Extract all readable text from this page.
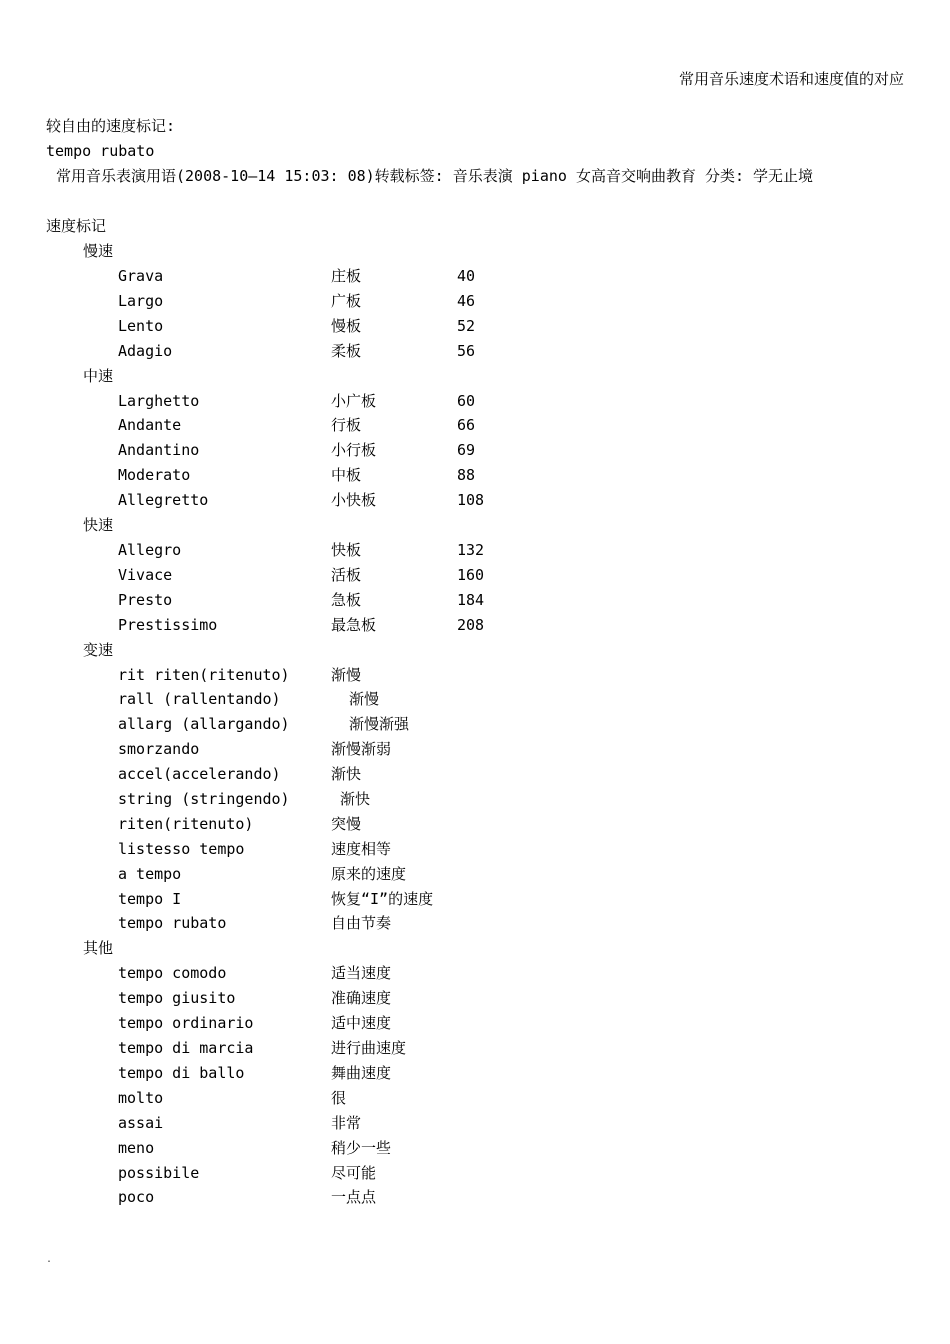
常用音乐速度术语和速度值的对应
较自由的速度标记:
tempo rubato
常用音乐表演用语(2008-10—14 15:03: 08)转载标签: 音乐表演 piano 女高音交响曲教育 分类: 学无止境
速度标记
慢速
Grava	庄板	40
Largo	广板	46
Lento	慢板	52
Adagio	柔板	56
中速
Larghetto	小广板	60
Andante	行板	66
Andantino	小行板	69
Moderato	中板	88
Allegretto	小快板	108
快速
Allegro	快板	132
Vivace	活板	160
Presto	急板	184
Prestissimo	最急板	208
变速
rit riten(ritenuto)	渐慢
rall (rallentando)	渐慢
allarg (allargando)	渐慢渐强
smorzando	渐慢渐弱
accel(accelerando)	渐快
string (stringendo)	渐快
riten(ritenuto)	突慢
listesso tempo	速度相等
a tempo	原来的速度
tempo I	恢复“I”的速度
tempo rubato	自由节奏
其他
tempo comodo	适当速度
tempo giusito	准确速度
tempo ordinario	适中速度
tempo di marcia	进行曲速度
tempo di ballo	舞曲速度
molto	很
assai	非常
meno	稍少一些
possibile	尽可能
poco	一点点
.
